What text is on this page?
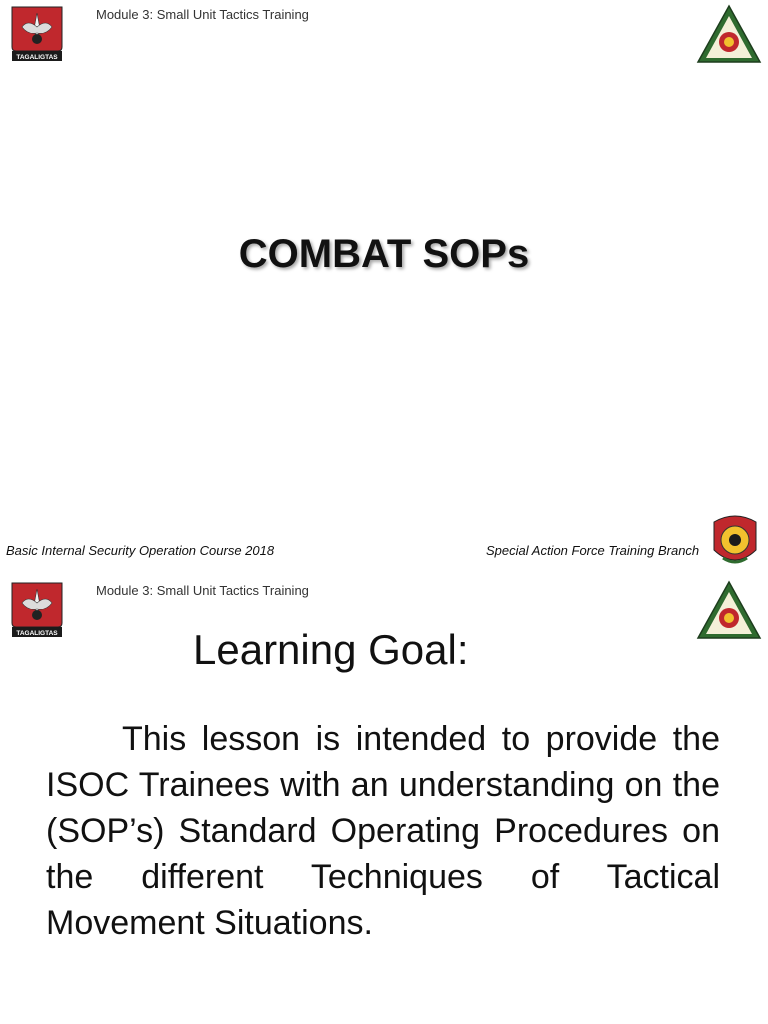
TAGALIGTAS
Module 3: Small Unit Tactics Training
COMBAT SOPs
Basic Internal Security Operation Course 2018	Special Action Force Training Branch
TAGALIGTAS
Module 3: Small Unit Tactics Training
Learning Goal:
This lesson is intended to provide the ISOC Trainees with an understanding on the (SOP’s) Standard Operating Procedures on the different Techniques of Tactical Movement Situations.
